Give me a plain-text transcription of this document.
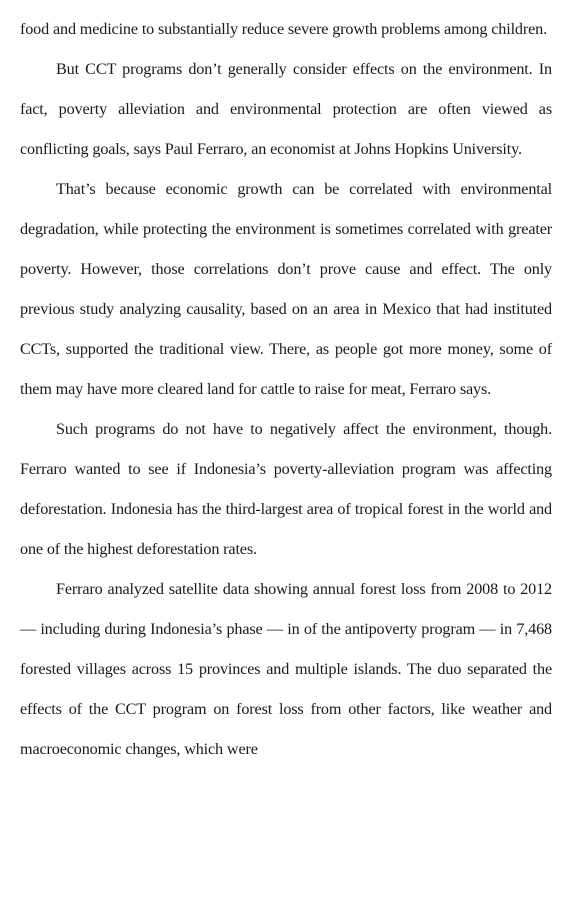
food and medicine to substantially reduce severe growth problems among children.

But CCT programs don’t generally consider effects on the environment. In fact, poverty alleviation and environmental protection are often viewed as conflicting goals, says Paul Ferraro, an economist at Johns Hopkins University.

That’s because economic growth can be correlated with environmental degradation, while protecting the environment is sometimes correlated with greater poverty. However, those correlations don’t prove cause and effect. The only previous study analyzing causality, based on an area in Mexico that had instituted CCTs, supported the traditional view. There, as people got more money, some of them may have more cleared land for cattle to raise for meat, Ferraro says.

Such programs do not have to negatively affect the environment, though. Ferraro wanted to see if Indonesia’s poverty-alleviation program was affecting deforestation. Indonesia has the third-largest area of tropical forest in the world and one of the highest deforestation rates.

Ferraro analyzed satellite data showing annual forest loss from 2008 to 2012 — including during Indonesia’s phase — in of the antipoverty program — in 7,468 forested villages across 15 provinces and multiple islands. The duo separated the effects of the CCT program on forest loss from other factors, like weather and macroeconomic changes, which were
